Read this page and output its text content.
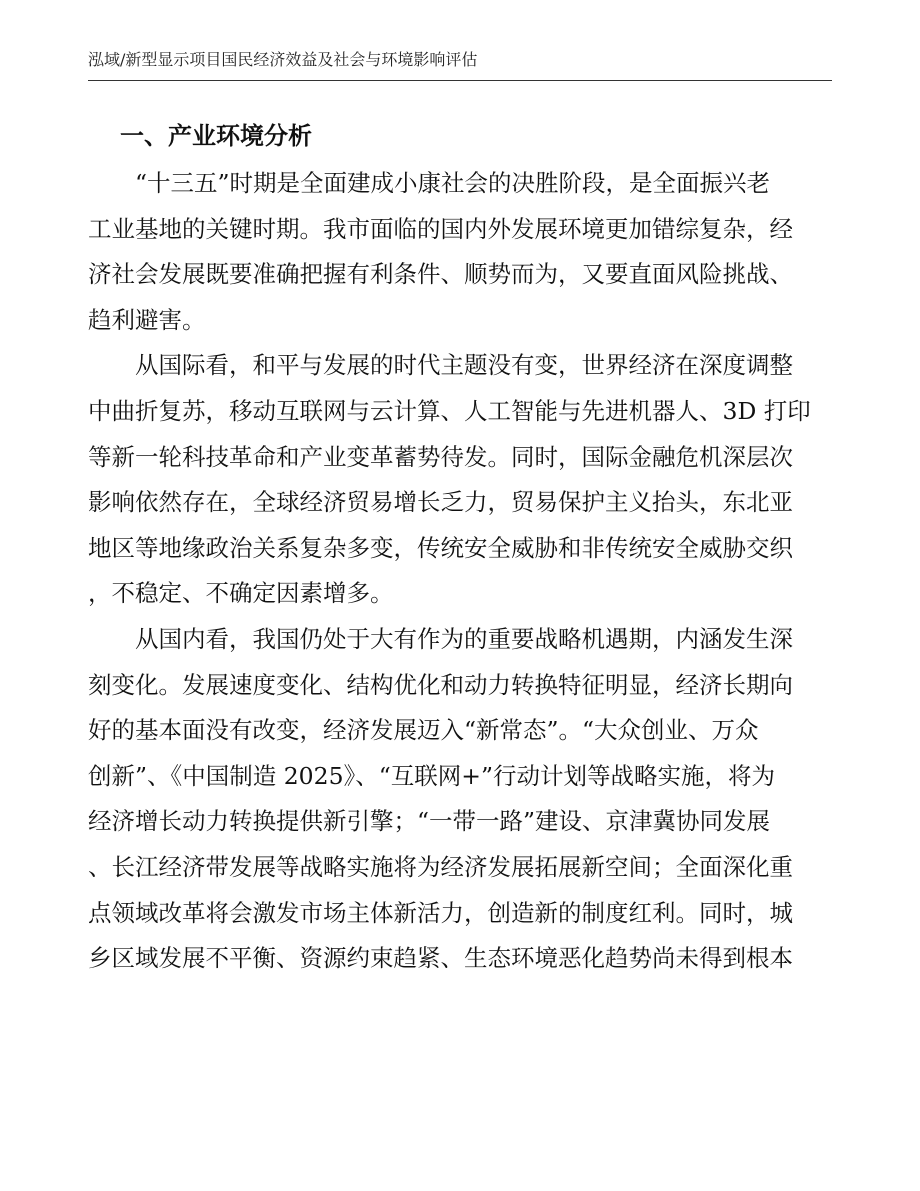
泓域/新型显示项目国民经济效益及社会与环境影响评估
一、产业环境分析
“十三五”时期是全面建成小康社会的决胜阶段，是全面振兴老
工业基地的关键时期。我市面临的国内外发展环境更加错综复杂，经
济社会发展既要准确把握有利条件、顺势而为，又要直面风险挑战、
趋利避害。
从国际看，和平与发展的时代主题没有变，世界经济在深度调整
中曲折复苏，移动互联网与云计算、人工智能与先进机器人、3D 打印
等新一轮科技革命和产业变革蓄势待发。同时，国际金融危机深层次
影响依然存在，全球经济贸易增长乏力，贸易保护主义抬头，东北亚
地区等地缘政治关系复杂多变，传统安全威胁和非传统安全威胁交织
，不稳定、不确定因素增多。
从国内看，我国仍处于大有作为的重要战略机遇期，内涵发生深
刻变化。发展速度变化、结构优化和动力转换特征明显，经济长期向
好的基本面没有改变，经济发展迈入“新常态”。“大众创业、万众
创新”、《中国制造 2025》、“互联网+”行动计划等战略实施，将为
经济增长动力转换提供新引擎；“一带一路”建设、京津冀协同发展
、长江经济带发展等战略实施将为经济发展拓展新空间；全面深化重
点领域改革将会激发市场主体新活力，创造新的制度红利。同时，城
乡区域发展不平衡、资源约束趋紧、生态环境恶化趋势尚未得到根本
